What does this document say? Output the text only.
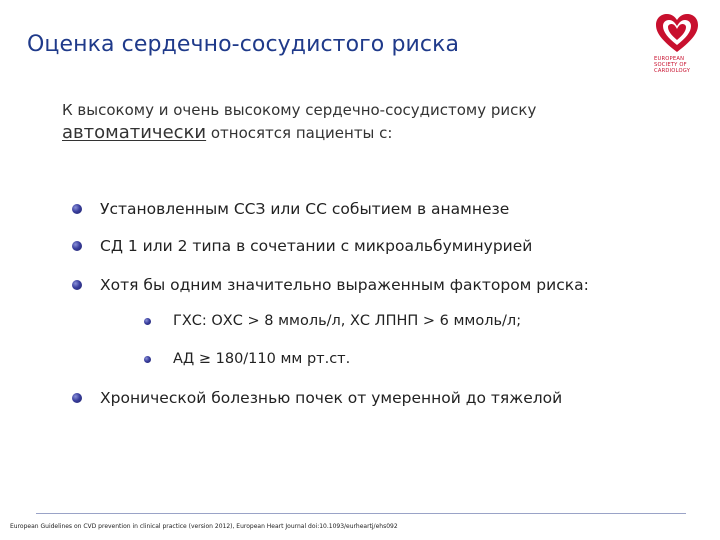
Оценка сердечно-сосудистого риска
EUROPEAN
SOCIETY OF
CARDIOLOGY
К высокому и очень высокому сердечно-сосудистому риску
автоматически относятся пациенты с:
Установленным ССЗ или СС событием в анамнезе
СД 1 или 2 типа в сочетании с микроальбуминурией
Хотя бы одним значительно выраженным фактором риска:
ГХС: ОХС > 8 ммоль/л, ХС ЛПНП > 6 ммоль/л;
АД ≥ 180/110 мм рт.ст.
Хронической болезнью почек от умеренной до тяжелой
European Guidelines on CVD prevention in clinical practice (version 2012), European Heart Journal doi:10.1093/eurheartj/ehs092
